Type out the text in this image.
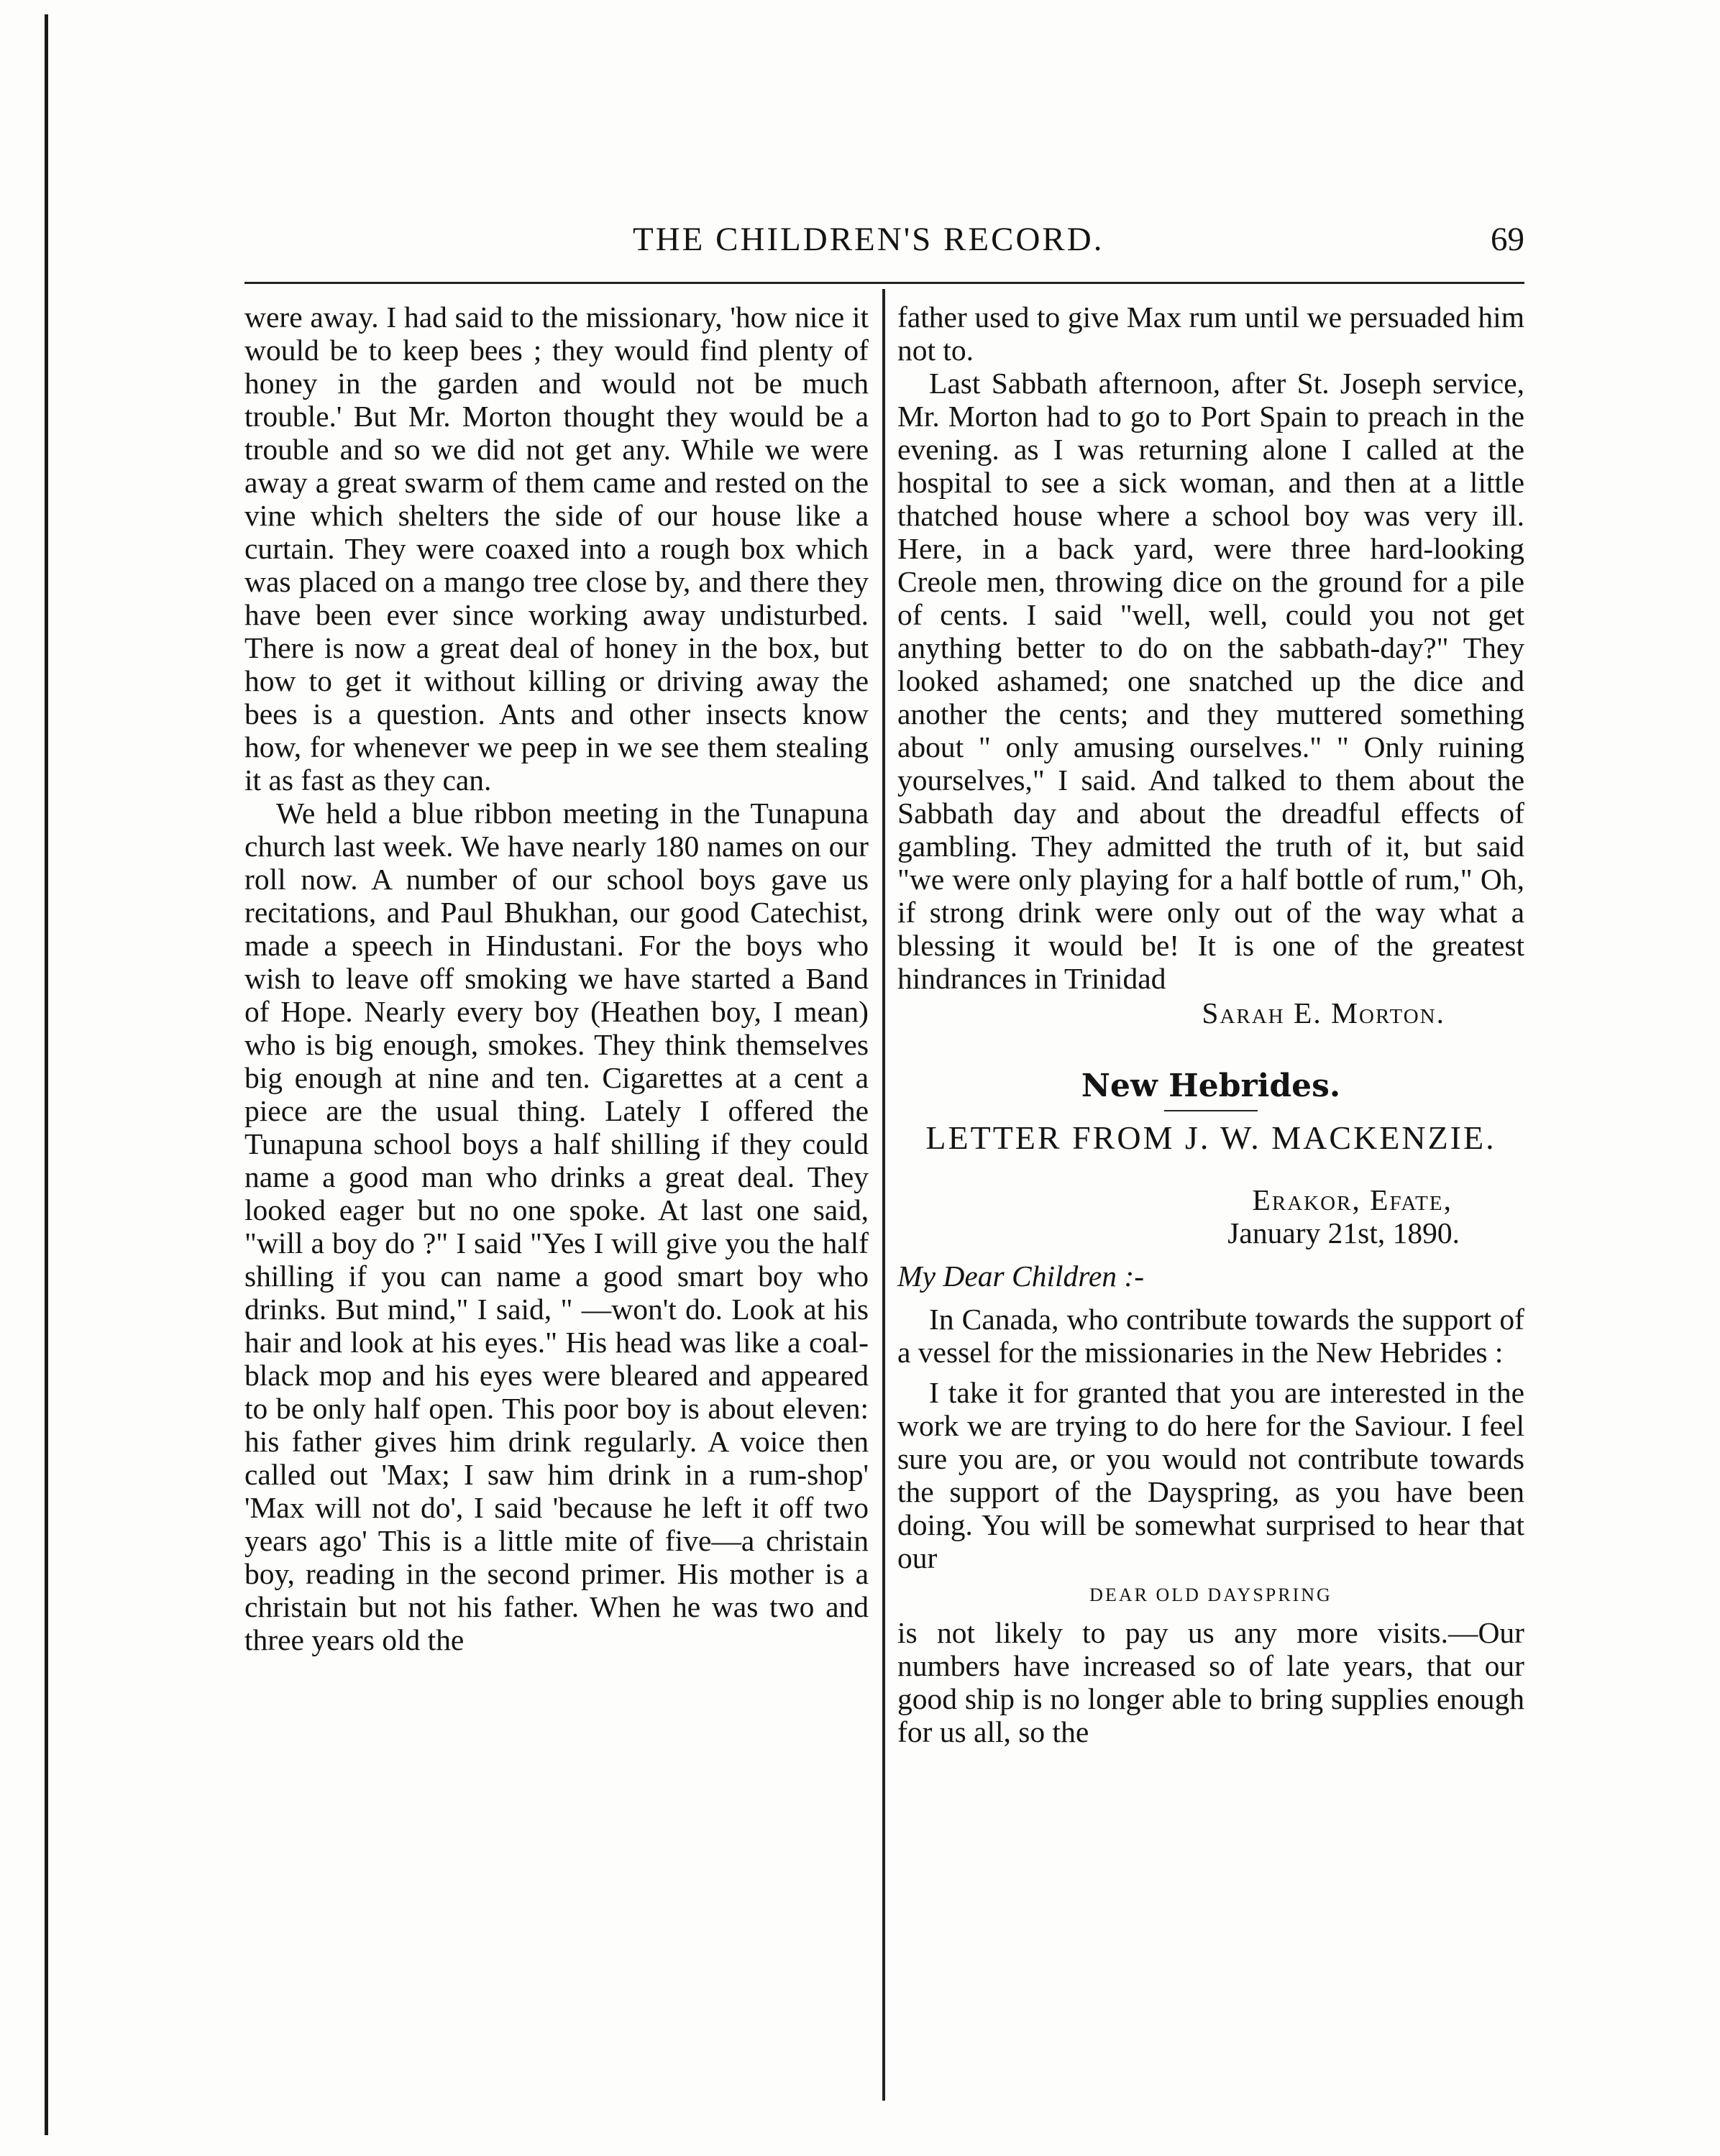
THE CHILDREN'S RECORD.	69

were away. I had said to the missionary, 'how nice it would be to keep bees ; they would find plenty of honey in the garden and would not be much trouble.' But Mr. Morton thought they would be a trouble and so we did not get any. While we were away a great swarm of them came and rested on the vine which shelters the side of our house like a curtain. They were coaxed into a rough box which was placed on a mango tree close by, and there they have been ever since working away undisturbed. There is now a great deal of honey in the box, but how to get it without killing or driving away the bees is a question. Ants and other insects know how, for whenever we peep in we see them stealing it as fast as they can.

We held a blue ribbon meeting in the Tunapuna church last week. We have nearly 180 names on our roll now. A number of our school boys gave us recitations, and Paul Bhukhan, our good Catechist, made a speech in Hindustani. For the boys who wish to leave off smoking we have started a Band of Hope. Nearly every boy (Heathen boy, I mean) who is big enough, smokes. They think themselves big enough at nine and ten. Cigarettes at a cent a piece are the usual thing. Lately I offered the Tunapuna school boys a half shilling if they could name a good man who drinks a great deal. They looked eager but no one spoke. At last one said, "will a boy do ?" I said "Yes I will give you the half shilling if you can name a good smart boy who drinks. But mind," I said, " —won't do. Look at his hair and look at his eyes." His head was like a coal-black mop and his eyes were bleared and appeared to be only half open. This poor boy is about eleven: his father gives him drink regularly. A voice then called out 'Max; I saw him drink in a rum-shop' 'Max will not do', I said 'because he left it off two years ago' This is a little mite of five—a christain boy, reading in the second primer. His mother is a christain but not his father. When he was two and three years old the

father used to give Max rum until we persuaded him not to.

Last Sabbath afternoon, after St. Joseph service, Mr. Morton had to go to Port Spain to preach in the evening. as I was returning alone I called at the hospital to see a sick woman, and then at a little thatched house where a school boy was very ill. Here, in a back yard, were three hard-looking Creole men, throwing dice on the ground for a pile of cents. I said "well, well, could you not get anything better to do on the sabbath-day?" They looked ashamed; one snatched up the dice and another the cents; and they muttered something about " only amusing ourselves." " Only ruining yourselves," I said. And talked to them about the Sabbath day and about the dreadful effects of gambling. They admitted the truth of it, but said "we were only playing for a half bottle of rum," Oh, if strong drink were only out of the way what a blessing it would be! It is one of the greatest hindrances in Trinidad

Sarah E. Morton.

New Hebrides.

LETTER FROM J. W. MACKENZIE.

Erakor, Efate,

January 21st, 1890.

My Dear Children :-

In Canada, who contribute towards the support of a vessel for the missionaries in the New Hebrides :

I take it for granted that you are interested in the work we are trying to do here for the Saviour. I feel sure you are, or you would not contribute towards the support of the Dayspring, as you have been doing. You will be somewhat surprised to hear that our

DEAR OLD DAYSPRING

is not likely to pay us any more visits.—Our numbers have increased so of late years, that our good ship is no longer able to bring supplies enough for us all, so the
